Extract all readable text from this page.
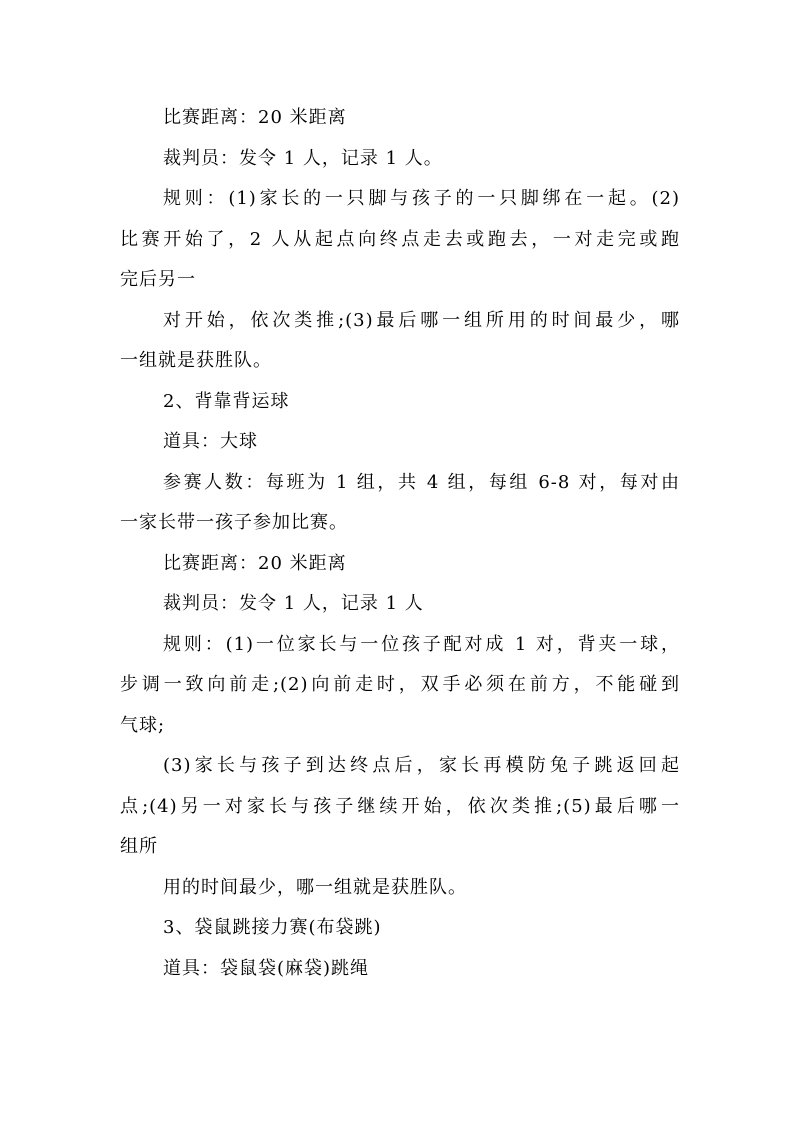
比赛距离：20 米距离
裁判员：发令 1 人，记录 1 人。
规则：(1)家长的一只脚与孩子的一只脚绑在一起。(2)
比赛开始了，2 人从起点向终点走去或跑去，一对走完或跑
完后另一
对开始，依次类推;(3)最后哪一组所用的时间最少，哪
一组就是获胜队。
2、背靠背运球
道具：大球
参赛人数：每班为 1 组，共 4 组，每组 6-8 对，每对由
一家长带一孩子参加比赛。
比赛距离：20 米距离
裁判员：发令 1 人，记录 1 人
规则：(1)一位家长与一位孩子配对成 1 对，背夹一球，
步调一致向前走;(2)向前走时，双手必须在前方，不能碰到
气球;
(3)家长与孩子到达终点后，家长再模防兔子跳返回起
点;(4)另一对家长与孩子继续开始，依次类推;(5)最后哪一
组所
用的时间最少，哪一组就是获胜队。
3、袋鼠跳接力赛(布袋跳)
道具：袋鼠袋(麻袋)跳绳
